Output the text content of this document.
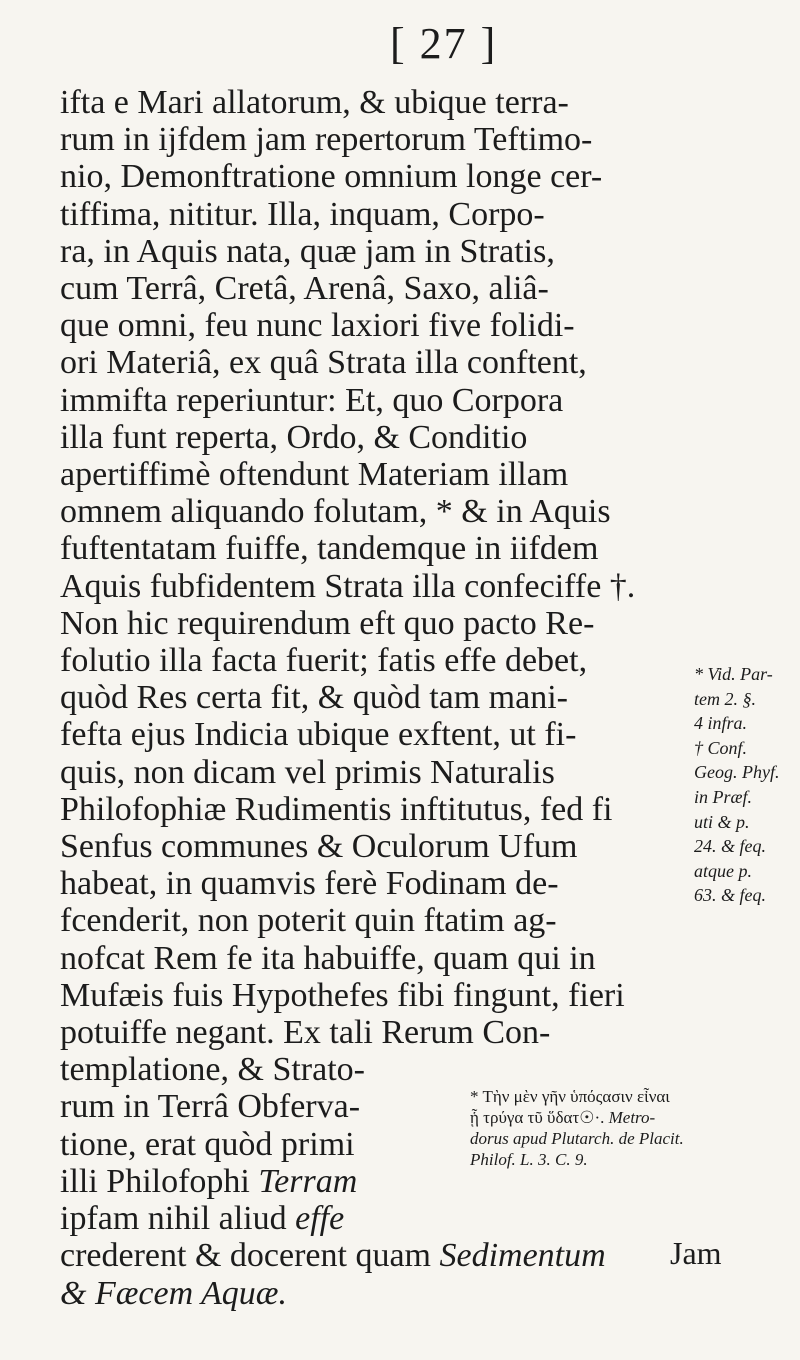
[ 27 ]

ifta e Mari allatorum, & ubique terra-
rum in ijfdem jam repertorum Teftimo-
nio, Demonftratione omnium longe cer-
tiffima, nititur. Illa, inquam, Corpo-
ra, in Aquis nata, quæ jam in Stratis,
cum Terrâ, Cretâ, Arenâ, Saxo, aliâ-
que omni, feu nunc laxiori five folidi-
ori Materiâ, ex quâ Strata illa conftent,
immifta reperiuntur: Et, quo Corpora
illa funt reperta, Ordo, & Conditio
apertiffimè oftendunt Materiam illam
omnem aliquando folutam, * & in Aquis
fuftentatam fuiffe, tandemque in iifdem
Aquis fubfidentem Strata illa confeciffe †.
Non hic requirendum eft quo pacto Re-
folutio illa facta fuerit; fatis effe debet,
quòd Res certa fit, & quòd tam mani-
fefta ejus Indicia ubique exftent, ut fi-
quis, non dicam vel primis Naturalis
Philofophiæ Rudimentis inftitutus, fed fi
Senfus communes & Oculorum Ufum
habeat, in quamvis ferè Fodinam de-
fcenderit, non poterit quin ftatim ag-
nofcat Rem fe ita habuiffe, quam qui in
Mufæis fuis Hypothefes fibi fingunt, fieri
potuiffe negant. Ex tali Rerum Con-
templatione, & Strato-
rum in Terrâ Obferva-
tione, erat quòd primi
illi Philofophi Terram
ipfam nihil aliud effe
crederent & docerent quam Sedimentum
& Fæcem Aquæ.

* Vid. Par-
tem 2. §.
4 infra.
† Conf.
Geog. Phyf.
in Præf.
uti & p.
24. & feq.
atque p.
63. & feq.
* Τὴν μὲν γῆν ὑπόςασιν εἶναι
ᾗ τρύγα τῦ ὕδατ☉·. Metro-
dorus apud Plutarch. de Placit.
Philof. L. 3. C. 9.
Jam
